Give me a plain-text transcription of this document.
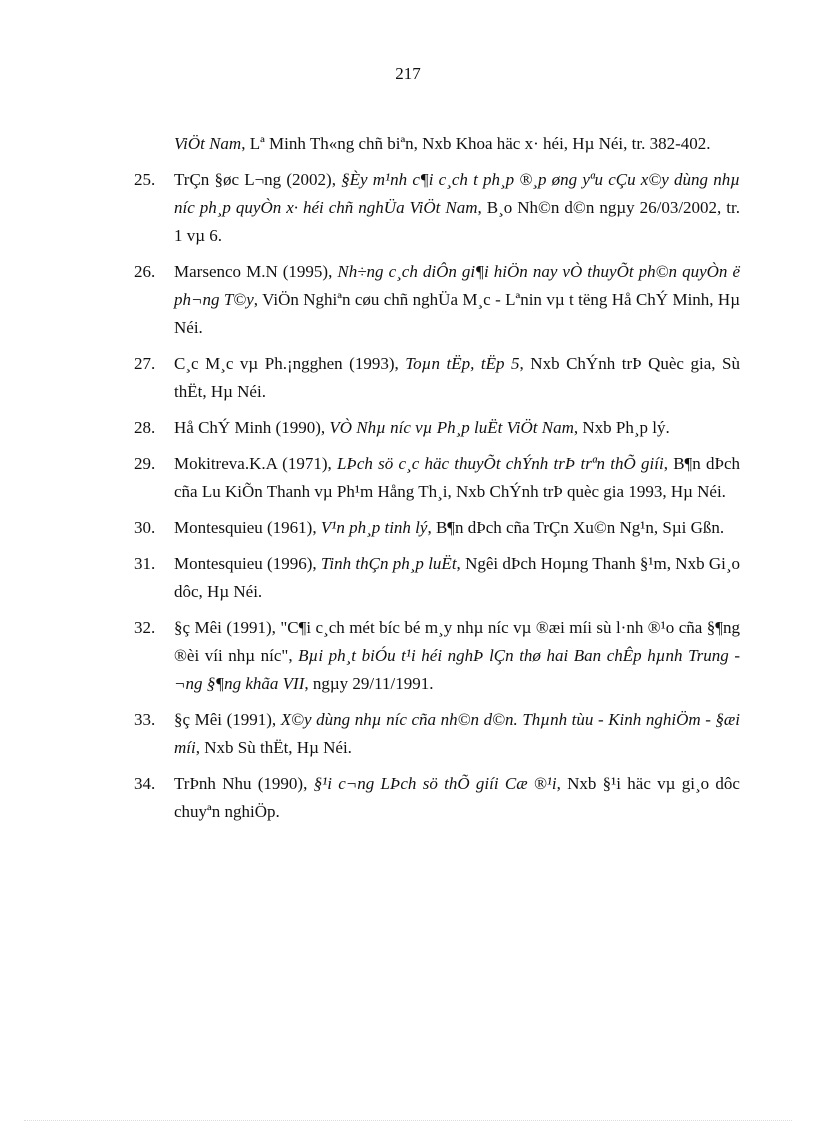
217
ViÖt Nam, Lª Minh Th«ng chñ biªn, Nxb Khoa häc x· héi, Hµ Néi, tr. 382-402.
25.	TrÇn §øc L¬ng (2002), §Èy m¹nh c¶i c¸ch t ph¸p ®¸p øng yªu cÇu x©y dùng nhµ níc ph¸p quyÒn x· héi chñ nghÜa ViÖt Nam, B¸o Nh©n d©n ngµy 26/03/2002, tr. 1 vµ 6.
26.	Marsenco M.N (1995), Nh÷ng c¸ch diÔn gi¶i hiÖn nay vÒ thuyÕt ph©n quyÒn ë ph¬ng T©y, ViÖn Nghiªn cøu chñ nghÜa M¸c - Lªnin vµ t tëng Hå ChÝ Minh, Hµ Néi.
27.	C¸c M¸c vµ Ph.¡ngghen (1993), Toµn tËp, tËp 5, Nxb ChÝnh trÞ Quèc gia, Sù thËt, Hµ Néi.
28.	Hå ChÝ Minh (1990), VÒ Nhµ níc vµ Ph¸p luËt ViÖt Nam, Nxb Ph¸p lý.
29.	Mokitreva.K.A (1971), LÞch sö c¸c häc thuyÕt chÝnh trÞ trªn thÕ giíi, B¶n dÞch cña Lu KiÕn Thanh vµ Ph¹m Hång Th¸i, Nxb ChÝnh trÞ quèc gia 1993, Hµ Néi.
30.	Montesquieu (1961), V¹n ph¸p tinh lý, B¶n dÞch cña TrÇn Xu©n Ng¹n, Sµi Gßn.
31.	Montesquieu (1996), Tinh thÇn ph¸p luËt, Ngêi dÞch Hoµng Thanh §¹m, Nxb Gi¸o dôc, Hµ Néi.
32.	§ç Mêi (1991), "C¶i c¸ch mét bíc bé m¸y nhµ níc vµ ®æi míi sù l·nh ®¹o cña §¶ng ®èi víi nhµ níc", Bµi ph¸t biÓu t¹i héi nghÞ lÇn thø hai Ban chÊp hµnh Trung ¬ng §¶ng khãa VII, ngµy 29/11/1991.
33.	§ç Mêi (1991), X©y dùng nhµ níc cña nh©n d©n. Thµnh tùu - Kinh nghiÖm - §æi míi, Nxb Sù thËt, Hµ Néi.
34.	TrÞnh Nhu (1990), §¹i c¬ng LÞch sö thÕ giíi Cæ ®¹i, Nxb §¹i häc vµ gi¸o dôc chuyªn nghiÖp.
